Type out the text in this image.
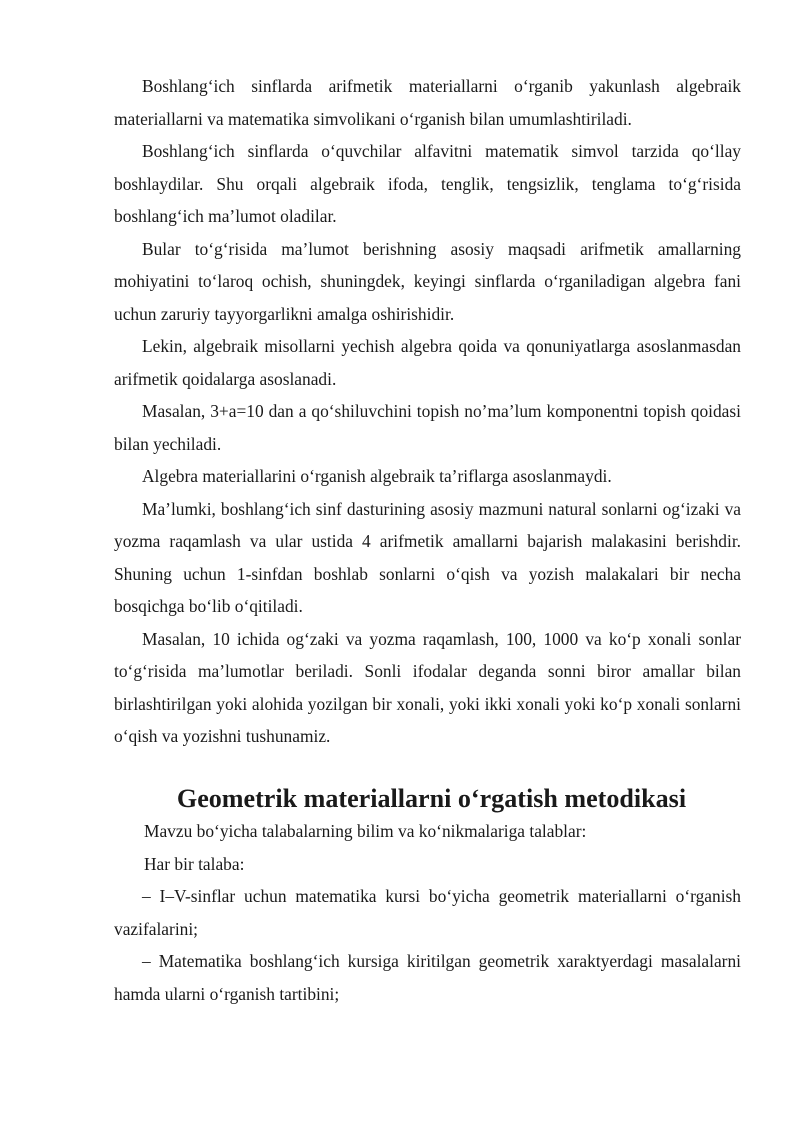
Boshlang‘ich sinflarda arifmetik materiallarni o‘rganib yakunlash algebraik materiallarni va matematika simvolikani o‘rganish bilan umumlashtiriladi.

Boshlang‘ich sinflarda o‘quvchilar alfavitni matematik simvol tarzida qo‘llay boshlaydilar. Shu orqali algebraik ifoda, tenglik, tengsizlik, tenglama to‘g‘risida boshlang‘ich ma’lumot oladilar.

Bular to‘g‘risida ma’lumot berishning asosiy maqsadi arifmetik amallarning mohiyatini to‘laroq ochish, shuningdek, keyingi sinflarda o‘rganiladigan algebra fani uchun zaruriy tayyorgarlikni amalga oshirishidir.

Lekin, algebraik misollarni yechish algebra qoida va qonuniyatlarga asoslanmasdan arifmetik qoidalarga asoslanadi.

Masalan, 3+a=10 dan a qo‘shiluvchini topish no’ma’lum komponentni topish qoidasi bilan yechiladi.

Algebra materiallarini o‘rganish algebraik ta’riflarga asoslanmaydi.

Ma’lumki, boshlang‘ich sinf dasturining asosiy mazmuni natural sonlarni og‘izaki va yozma raqamlash va ular ustida 4 arifmetik amallarni bajarish malakasini berishdir. Shuning uchun 1-sinfdan boshlab sonlarni o‘qish va yozish malakalari bir necha bosqichga bo‘lib o‘qitiladi.

Masalan, 10 ichida og‘zaki va yozma raqamlash, 100, 1000 va ko‘p xonali sonlar to‘g‘risida ma’lumotlar beriladi. Sonli ifodalar deganda sonni biror amallar bilan birlashtirilgan yoki alohida yozilgan bir xonali, yoki ikki xonali yoki ko‘p xonali sonlarni o‘qish va yozishni tushunamiz.

Geometrik materiallarni o‘rgatish metodikasi

Mavzu bo‘yicha talabalarning bilim va ko‘nikmalariga talablar:

Har bir talaba:

– I–V-sinflar uchun matematika kursi bo‘yicha geometrik materiallarni o‘rganish vazifalarini;

– Matematika boshlang‘ich kursiga kiritilgan geometrik xaraktyerdagi masalalarni hamda ularni o‘rganish tartibini;
